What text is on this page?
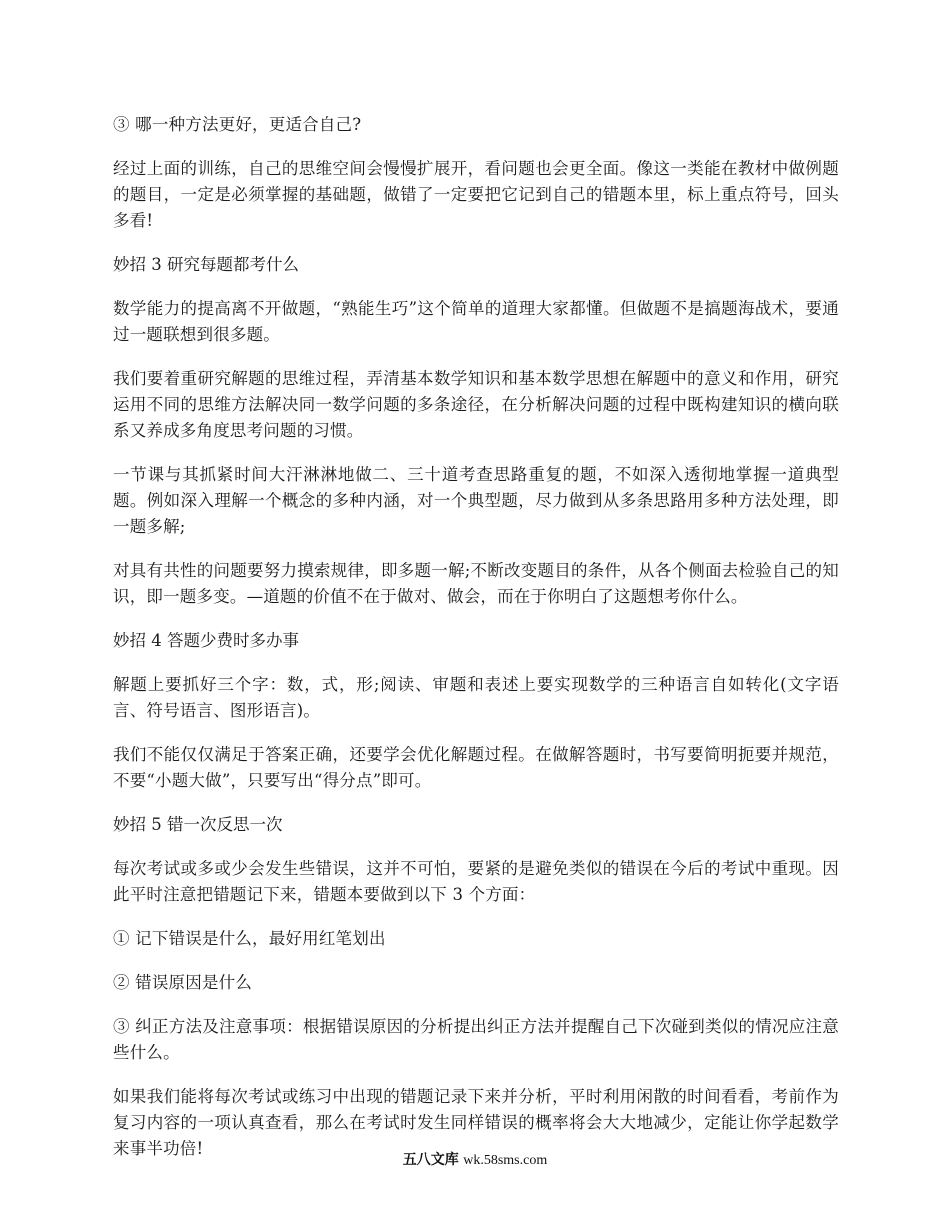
③ 哪一种方法更好，更适合自己?

经过上面的训练，自己的思维空间会慢慢扩展开，看问题也会更全面。像这一类能在教材中做例题的题目，一定是必须掌握的基础题，做错了一定要把它记到自己的错题本里，标上重点符号，回头多看!

妙招 3 研究每题都考什么

数学能力的提高离不开做题，“熟能生巧”这个简单的道理大家都懂。但做题不是搞题海战术，要通过一题联想到很多题。

我们要着重研究解题的思维过程，弄清基本数学知识和基本数学思想在解题中的意义和作用，研究运用不同的思维方法解决同一数学问题的多条途径，在分析解决问题的过程中既构建知识的横向联系又养成多角度思考问题的习惯。

一节课与其抓紧时间大汗淋淋地做二、三十道考查思路重复的题，不如深入透彻地掌握一道典型题。例如深入理解一个概念的多种内涵，对一个典型题，尽力做到从多条思路用多种方法处理，即一题多解;

对具有共性的问题要努力摸索规律，即多题一解;不断改变题目的条件，从各个侧面去检验自己的知识，即一题多变。—道题的价值不在于做对、做会，而在于你明白了这题想考你什么。

妙招 4 答题少费时多办事

解题上要抓好三个字：数，式，形;阅读、审题和表述上要实现数学的三种语言自如转化(文字语言、符号语言、图形语言)。

我们不能仅仅满足于答案正确，还要学会优化解题过程。在做解答题时，书写要简明扼要并规范，不要“小题大做”，只要写出“得分点”即可。

妙招 5 错一次反思一次

每次考试或多或少会发生些错误，这并不可怕，要紧的是避免类似的错误在今后的考试中重现。因此平时注意把错题记下来，错题本要做到以下 3 个方面：

① 记下错误是什么，最好用红笔划出

② 错误原因是什么

③ 纠正方法及注意事项：根据错误原因的分析提出纠正方法并提醒自己下次碰到类似的情况应注意些什么。

如果我们能将每次考试或练习中出现的错题记录下来并分析，平时利用闲散的时间看看，考前作为复习内容的一项认真查看，那么在考试时发生同样错误的概率将会大大地减少，定能让你学起数学来事半功倍!

五八文库 wk.58sms.com
